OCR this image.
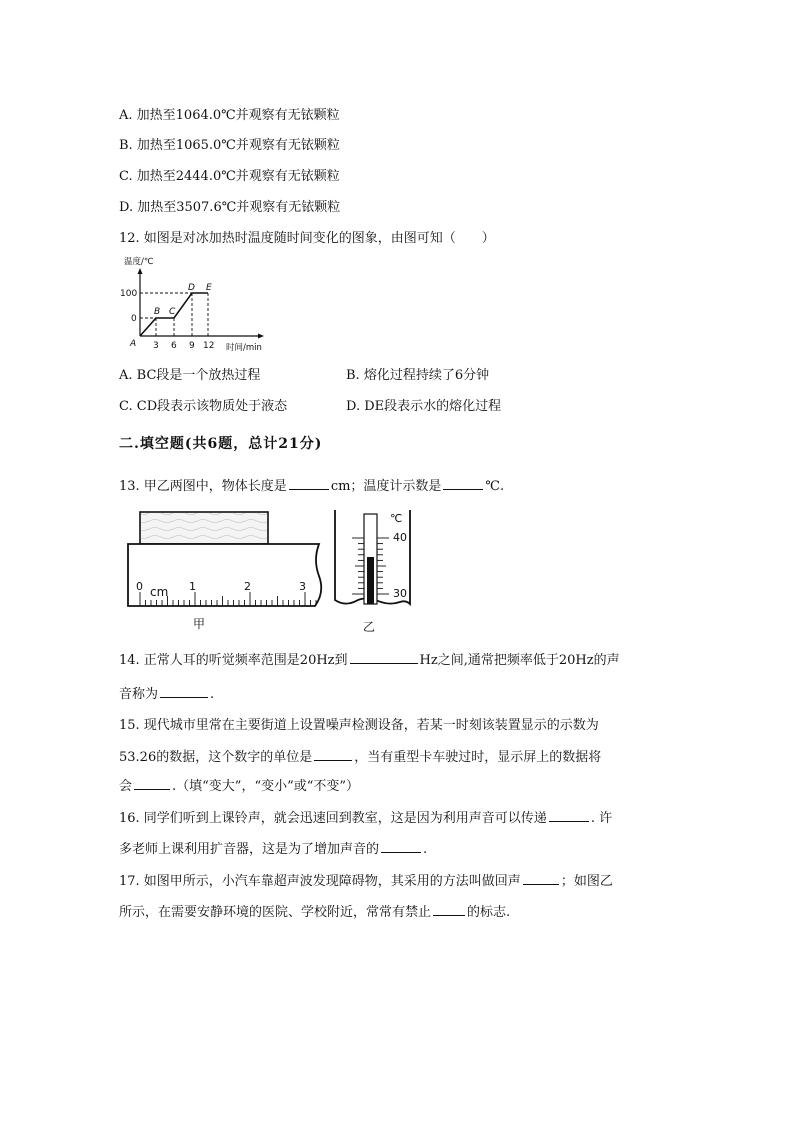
A. 加热至1064.0℃并观察有无铱颗粒
B. 加热至1065.0℃并观察有无铱颗粒
C. 加热至2444.0℃并观察有无铱颗粒
D. 加热至3507.6℃并观察有无铱颗粒
12. 如图是对冰加热时温度随时间变化的图象，由图可知（　　）
温度/℃
100
0
3 6 9 12 时间/min
A
B C
D E
A. BC段是一个放热过程	B. 熔化过程持续了6分钟
C. CD段表示该物质处于液态	D. DE段表示水的熔化过程
二.填空题(共6题，总计21分)
13. 甲乙两图中，物体长度是	cm；温度计示数是	℃.
0 cm 1	2	3
甲
℃
40
30
乙
14. 正常人耳的听觉频率范围是20Hz到	Hz之间,通常把频率低于20Hz的声
音称为	.
15. 现代城市里常在主要街道上设置噪声检测设备，若某一时刻该装置显示的示数为
53.26的数据，这个数字的单位是	，当有重型卡车驶过时，显示屏上的数据将
会	.（填“变大”，“变小”或“不变”）
16. 同学们听到上课铃声，就会迅速回到教室，这是因为利用声音可以传递	. 许
多老师上课利用扩音器，这是为了增加声音的	.
17. 如图甲所示，小汽车靠超声波发现障碍物，其采用的方法叫做回声	；如图乙
所示，在需要安静环境的医院、学校附近，常常有禁止	的标志.
